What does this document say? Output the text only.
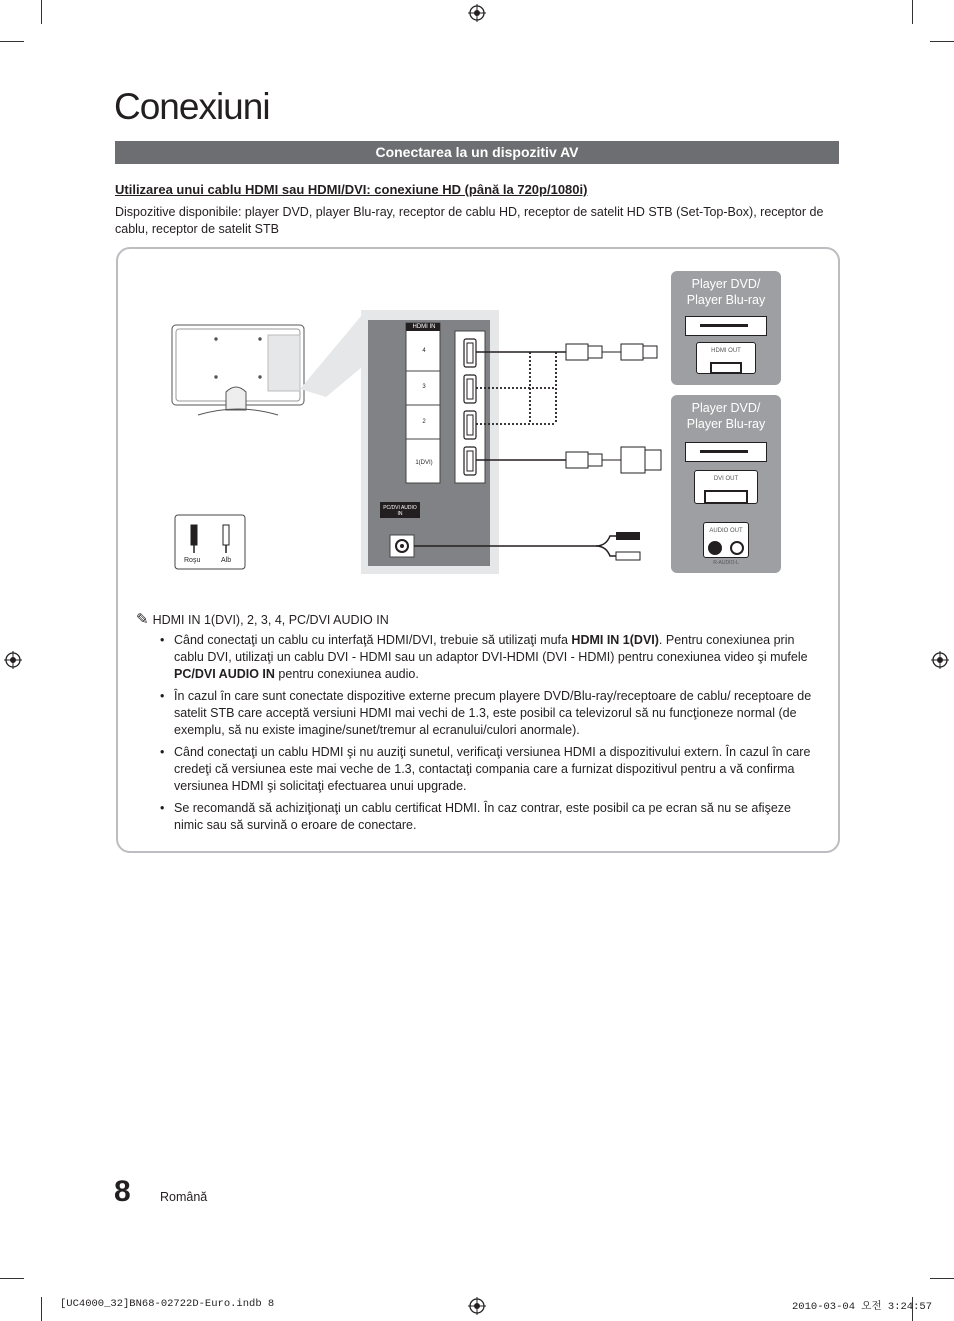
Conexiuni
Conectarea la un dispozitiv AV
Utilizarea unui cablu HDMI sau HDMI/DVI: conexiune HD (până la 720p/1080i)
Dispozitive disponibile: player DVD, player Blu-ray, receptor de cablu HD, receptor de satelit HD STB (Set-Top-Box), receptor de cablu, receptor de satelit STB
HDMI IN
4
3
2
1(DVI)
PC/DVI AUDIO IN
Roşu	Alb
Player DVD/
Player Blu-ray
HDMI OUT
Player DVD/
Player Blu-ray
DVI OUT
AUDIO OUT
R-AUDIO-L
✎ HDMI IN 1(DVI), 2, 3, 4, PC/DVI AUDIO IN
• Când conectaţi un cablu cu interfaţă HDMI/DVI, trebuie să utilizaţi mufa HDMI IN 1(DVI). Pentru conexiunea prin cablu DVI, utilizaţi un cablu DVI - HDMI sau un adaptor DVI-HDMI (DVI - HDMI) pentru conexiunea video şi mufele PC/DVI AUDIO IN pentru conexiunea audio.
• În cazul în care sunt conectate dispozitive externe precum playere DVD/Blu-ray/receptoare de cablu/ receptoare de satelit STB care acceptă versiuni HDMI mai vechi de 1.3, este posibil ca televizorul să nu funcţioneze normal (de exemplu, să nu existe imagine/sunet/tremur al ecranului/culori anormale).
• Când conectaţi un cablu HDMI şi nu auziţi sunetul, verificaţi versiunea HDMI a dispozitivului extern. În cazul în care credeţi că versiunea este mai veche de 1.3, contactaţi compania care a furnizat dispozitivul pentru a vă confirma versiunea HDMI şi solicitaţi efectuarea unui upgrade.
• Se recomandă să achiziţionaţi un cablu certificat HDMI. În caz contrar, este posibil ca pe ecran să nu se afişeze nimic sau să survină o eroare de conectare.
8 Română
[UC4000_32]BN68-02722D-Euro.indb 8	2010-03-04 오전 3:24:57
